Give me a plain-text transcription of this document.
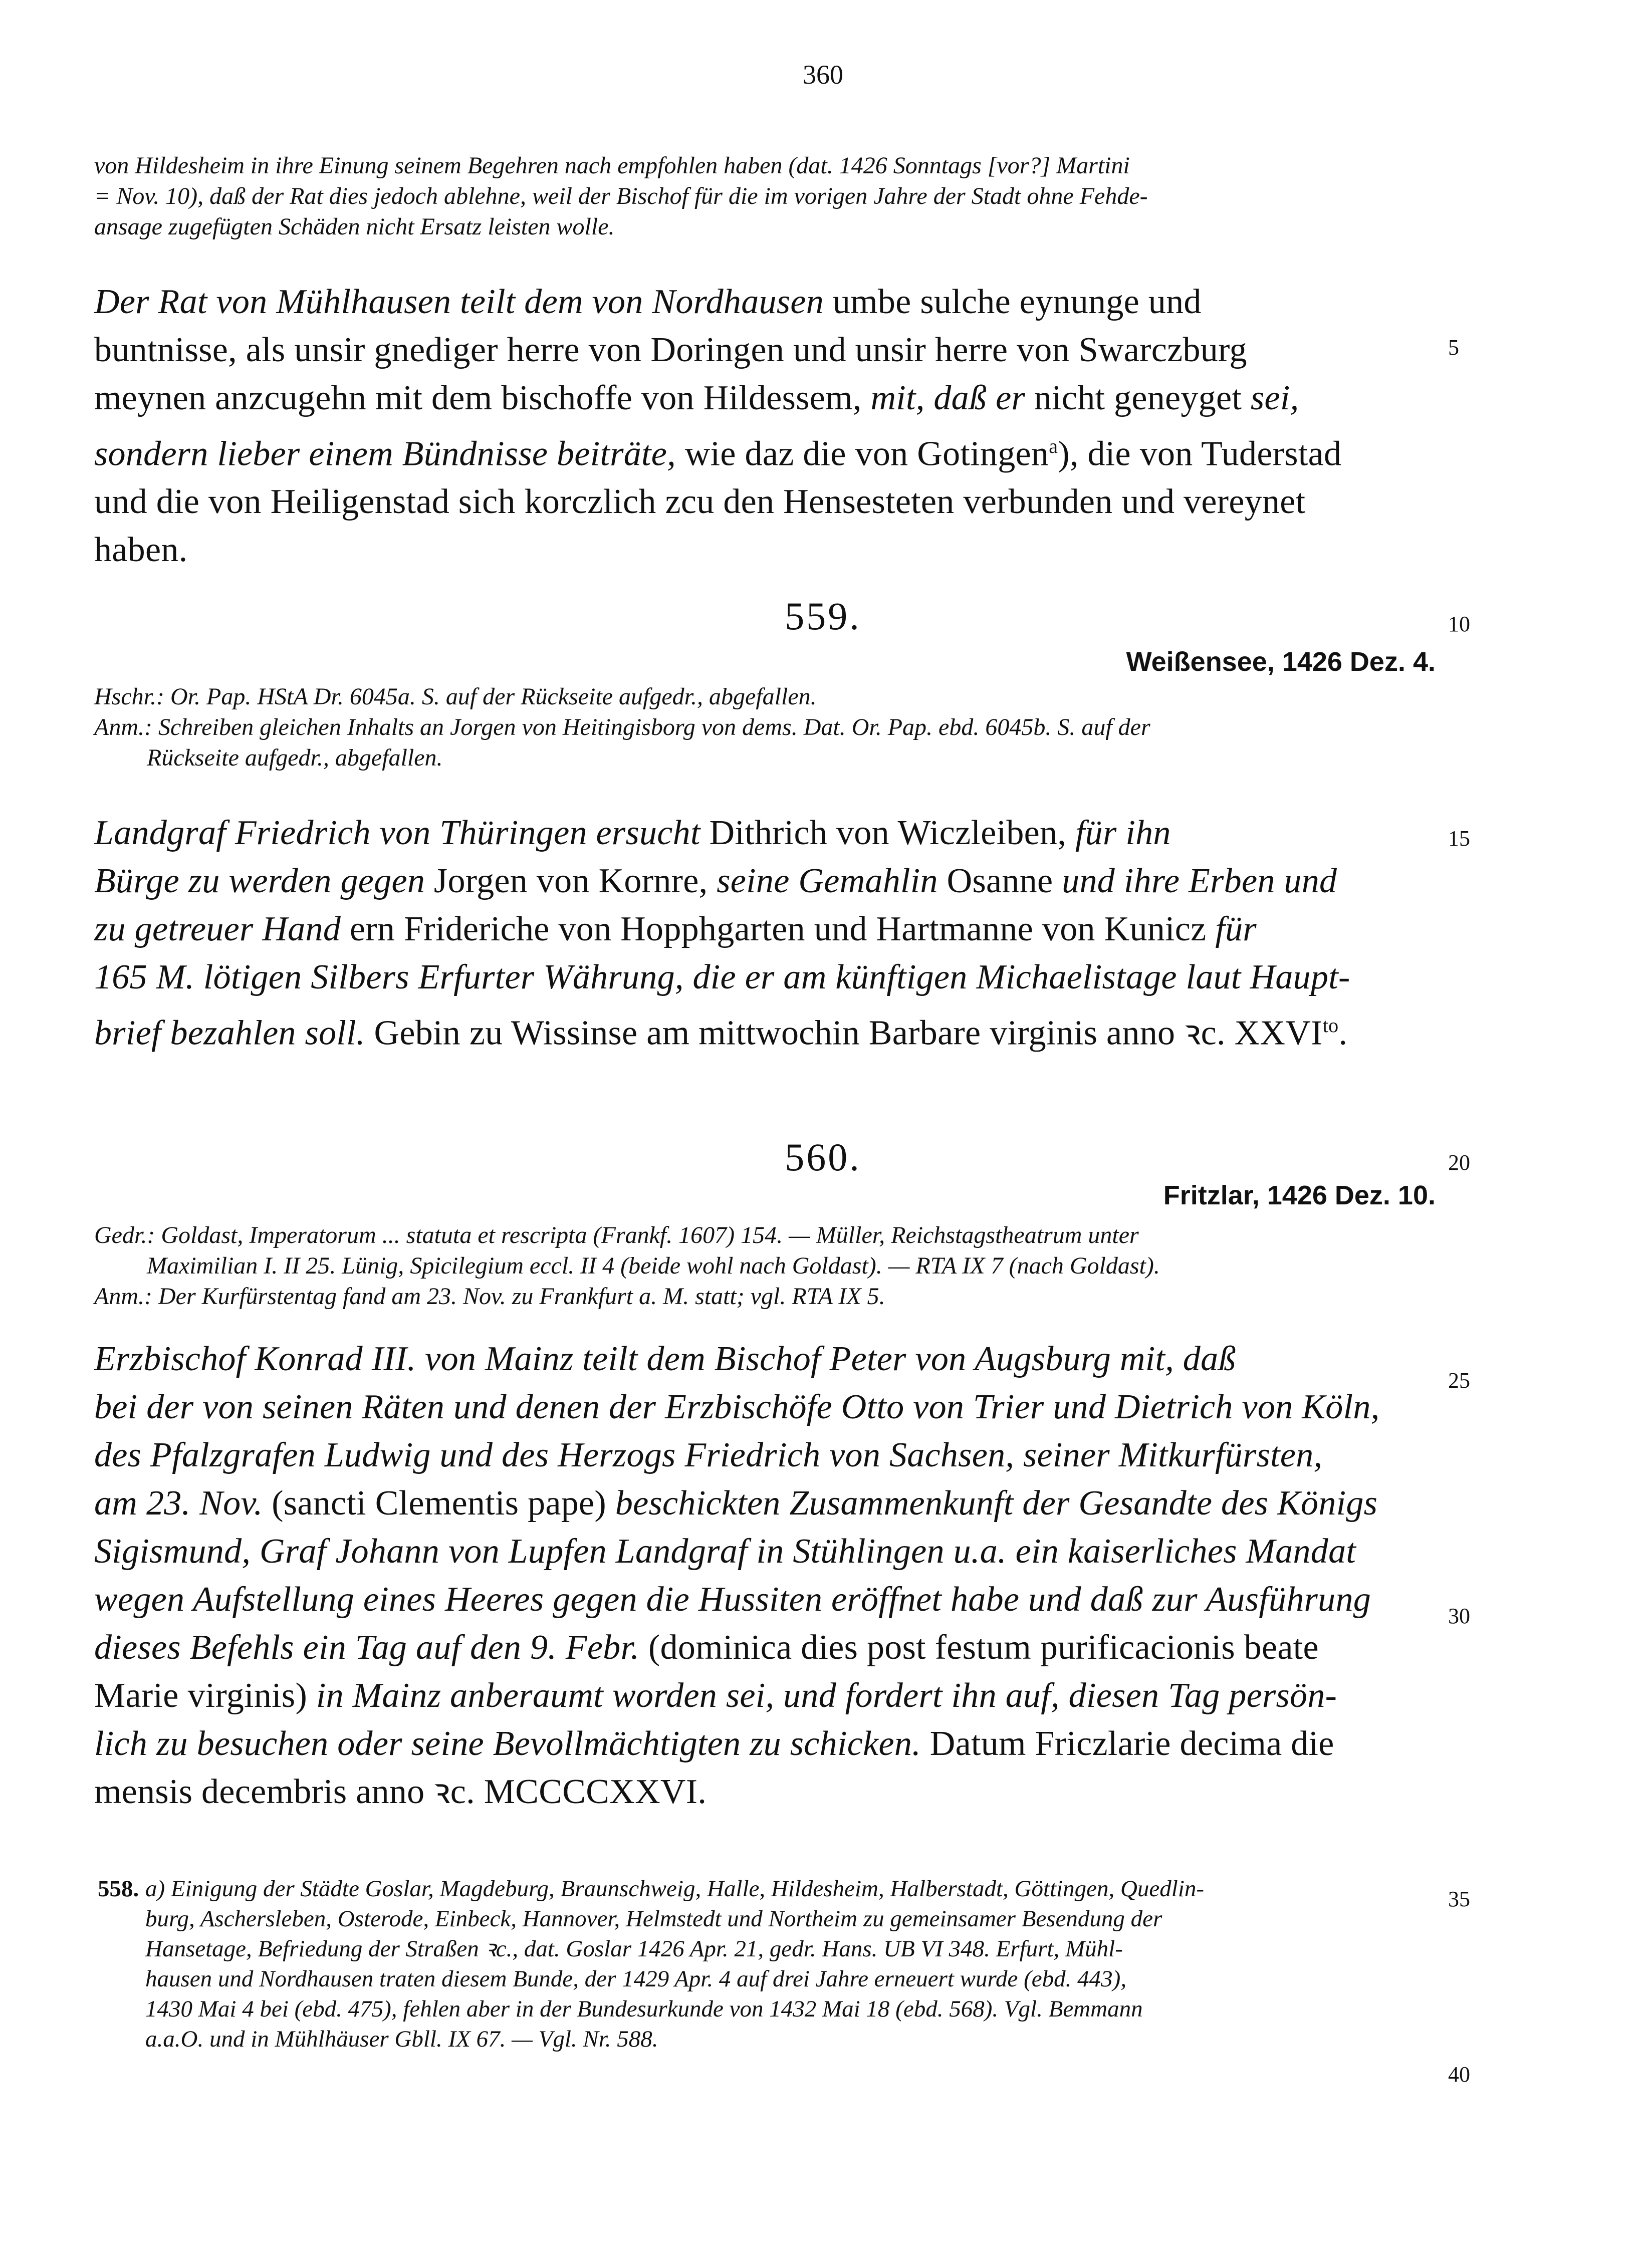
360
von Hildesheim in ihre Einung seinem Begehren nach empfohlen haben (dat. 1426 Sonntags [vor?] Martini
= Nov. 10), daß der Rat dies jedoch ablehne, weil der Bischof für die im vorigen Jahre der Stadt ohne Fehde-
ansage zugefügten Schäden nicht Ersatz leisten wolle.
Der Rat von Mühlhausen teilt dem von Nordhausen umbe sulche eynunge und
buntnisse, als unsir gnediger herre von Doringen und unsir herre von Swarczburg
meynen anzcugehn mit dem bischoffe von Hildessem, mit, daß er nicht geneyget sei,
sondern lieber einem Bündnisse beiträte, wie daz die von Gotingen$^a$), die von Tuderstad
und die von Heiligenstad sich korczlich zcu den Hensesteten verbunden und vereynet
haben.
559.
Weißensee, 1426 Dez. 4.
Hschr.: Or. Pap. HStA Dr. 6045a. S. auf der Rückseite aufgedr., abgefallen.
Anm.: Schreiben gleichen Inhalts an Jorgen von Heitingisborg von dems. Dat. Or. Pap. ebd. 6045b. S. auf der
Rückseite aufgedr., abgefallen.
Landgraf Friedrich von Thüringen ersucht Dithrich von Wiczleiben, für ihn
Bürge zu werden gegen Jorgen von Kornre, seine Gemahlin Osanne und ihre Erben und
zu getreuer Hand ern Frideriche von Hopphgarten und Hartmanne von Kunicz für
165 M. lötigen Silbers Erfurter Währung, die er am künftigen Michaelistage laut Haupt-
brief bezahlen soll. Gebin zu Wissinse am mittwochin Barbare virginis anno ꝛc. $XXVI^{to}$.
560.
Fritzlar, 1426 Dez. 10.
Gedr.: Goldast, Imperatorum ... statuta et rescripta (Frankf. 1607) 154. — Müller, Reichstagstheatrum unter
Maximilian I. II 25. Lünig, Spicilegium eccl. II 4 (beide wohl nach Goldast). — RTA IX 7 (nach Goldast).
Anm.: Der Kurfürstentag fand am 23. Nov. zu Frankfurt a. M. statt; vgl. RTA IX 5.
Erzbischof Konrad III. von Mainz teilt dem Bischof Peter von Augsburg mit, daß
bei der von seinen Räten und denen der Erzbischöfe Otto von Trier und Dietrich von Köln,
des Pfalzgrafen Ludwig und des Herzogs Friedrich von Sachsen, seiner Mitkurfürsten,
am 23. Nov. (sancti Clementis pape) beschickten Zusammenkunft der Gesandte des Königs
Sigismund, Graf Johann von Lupfen Landgraf in Stühlingen u.a. ein kaiserliches Mandat
wegen Aufstellung eines Heeres gegen die Hussiten eröffnet habe und daß zur Ausführung
dieses Befehls ein Tag auf den 9. Febr. (dominica dies post festum purificacionis beate
Marie virginis) in Mainz anberaumt worden sei, und fordert ihn auf, diesen Tag persön-
lich zu besuchen oder seine Bevollmächtigten zu schicken. Datum Friczlarie decima die
mensis decembris anno ꝛc. MCCCCXXVI.
558. a) Einigung der Städte Goslar, Magdeburg, Braunschweig, Halle, Hildesheim, Halberstadt, Göttingen, Quedlin-
burg, Aschersleben, Osterode, Einbeck, Hannover, Helmstedt und Northeim zu gemeinsamer Besendung der
Hansetage, Befriedung der Straßen ꝛc., dat. Goslar 1426 Apr. 21, gedr. Hans. UB VI 348. Erfurt, Mühl-
hausen und Nordhausen traten diesem Bunde, der 1429 Apr. 4 auf drei Jahre erneuert wurde (ebd. 443),
1430 Mai 4 bei (ebd. 475), fehlen aber in der Bundesurkunde von 1432 Mai 18 (ebd. 568). Vgl. Bemmann
a.a.O. und in Mühlhäuser Gbll. IX 67. — Vgl. Nr. 588.
5
10
15
20
25
30
35
40
